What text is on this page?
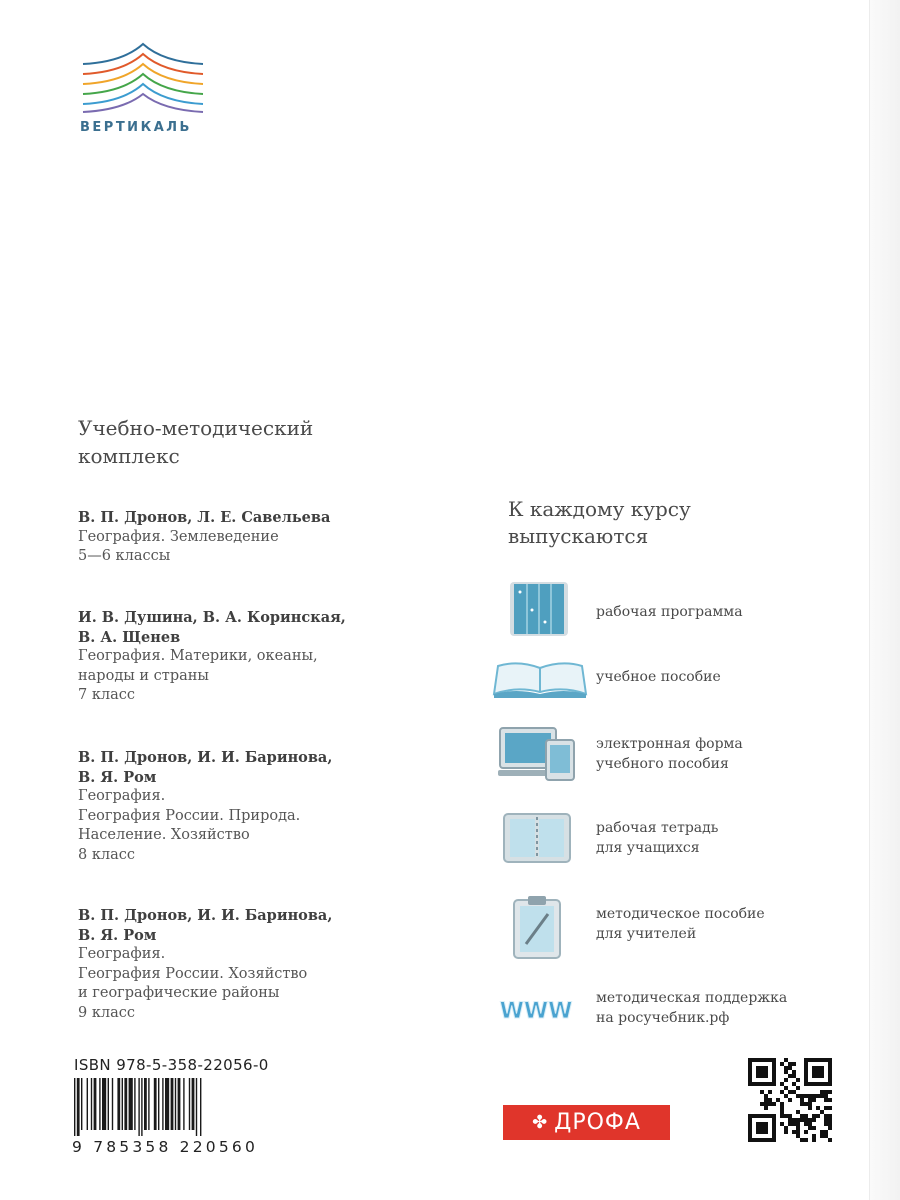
ВЕРТИКАЛЬ
Учебно-методический
комплекс
В. П. Дронов, Л. Е. Савельева
География. Землеведение
5—6 классы
И. В. Душина, В. А. Коринская,
В. А. Щенев
География. Материки, океаны,
народы и страны
7 класс
В. П. Дронов, И. И. Баринова,
В. Я. Ром
География.
География России. Природа.
Население. Хозяйство
8 класс
В. П. Дронов, И. И. Баринова,
В. Я. Ром
География.
География России. Хозяйство
и географические районы
9 класс
К каждому курсу
выпускаются
рабочая программа
учебное пособие
электронная форма
учебного пособия
рабочая тетрадь
для учащихся
методическое пособие
для учителей
WWW
методическая поддержка
на росучебник.рф
ISBN 978-5-358-22056-0
9 785358 220560
✤ ДРОФА
